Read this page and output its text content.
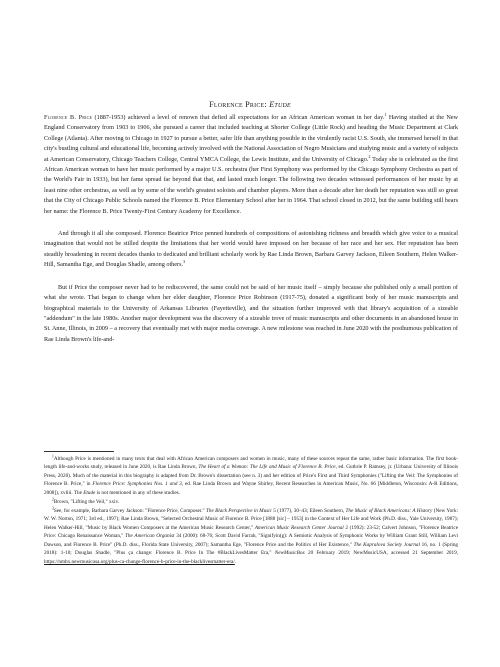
Florence Price: Etude

Florence B. Price (1887-1953) achieved a level of renown that defied all expectations for an African American woman in her day.$^1$ Having studied at the New England Conservatory from 1903 to 1906, she pursued a career that included teaching at Shorter College (Little Rock) and heading the Music Department at Clark College (Atlanta). After moving to Chicago in 1927 to pursue a better, safer life than anything possible in the virulently racist U.S. South, she immersed herself in that city's bustling cultural and educational life, becoming actively involved with the National Association of Negro Musicians and studying music and a variety of subjects at American Conservatory, Chicago Teachers College, Central YMCA College, the Lewis Institute, and the University of Chicago.$^2$ Today she is celebrated as the first African American woman to have her music performed by a major U.S. orchestra (her First Symphony was performed by the Chicago Symphony Orchestra as part of the World's Fair in 1933), but her fame spread far beyond that that, and lasted much longer. The following two decades witnessed performances of her music by at least nine other orchestras, as well as by some of the world's greatest soloists and chamber players. More than a decade after her death her reputation was still so great that the City of Chicago Public Schools named the Florence B. Price Elementary School after her in 1964. That school closed in 2012, but the same building still bears her name: the Florence B. Price Twenty-First Century Academy for Excellence.

And through it all she composed. Florence Beatrice Price penned hundreds of compositions of astonishing richness and breadth which give voice to a musical imagination that would not be stilled despite the limitations that her world would have imposed on her because of her race and her sex. Her reputation has been steadily broadening in recent decades thanks to dedicated and brilliant scholarly work by Rae Linda Brown, Barbara Garvey Jackson, Eileen Southern, Helen Walker-Hill, Samantha Ege, and Douglas Shadle, among others.$^3$

But if Price the composer never had to be rediscovered, the same could not be said of her music itself – simply because she published only a small portion of what she wrote. That began to change when her elder daughter, Florence Price Robinson (1917-75), donated a significant body of her music manuscripts and biographical materials to the University of Arkansas Libraries (Fayetteville), and the situation further improved with that library's acquisition of a sizeable "addendum" in the late 1980s. Another major development was the discovery of a sizeable trove of music manuscripts and other documents in an abandoned house in St. Anne, Illinois, in 2009 – a recovery that eventually met with major media coverage. A new milestone was reached in June 2020 with the posthumous publication of Rae Linda Brown's life-and-

$^1$Although Price is mentioned in many texts that deal with African American composers and women in music, many of these sources repeat the same, rather basic information. The first book-length life-and-works study, released in June 2020, is Rae Linda Brown, The Heart of a Woman: The Life and Music of Florence B. Price, ed. Guthrie P. Ramsey, jr. (Urbana: University of Illinois Press, 2020). Much of the material in this biography is adapted from Dr. Brown's dissertation (see n. 3) and her edition of Price's First and Third Symphonies ("Lifting the Veil: The Symphonies of Florence B. Price," in Florence Price: Symphonies Nos. 1 and 3, ed. Rae Linda Brown and Wayne Shirley, Recent Researches in American Music, No. 66 [Middleton, Wisconsin: A-R Editions, 2008]), xvliii. The Etude is not mentioned in any of these studies.

$^2$Brown, "Lifting the Veil," xxiv.

$^3$See, for example, Barbara Garvey Jackson: "Florence Price, Composer." The Black Perspective in Music 5 (1977), 30–43; Eileen Southern, The Music of Black Americans: A History (New York: W. W. Norton, 1971; 3rd ed., 1997); Rae Linda Brown, "Selected Orchestral Music of Florence B. Price [1888 [sic] – 1953] in the Context of Her Life and Work (Ph.D. diss., Yale University, 1987); Helen Walker-Hill, "Music by Black Women Composers at the American Music Research Center," American Music Research Center Journal 2 (1992): 23-52; Calvert Johnson, "Florence Beatrice Price: Chicago Renaissance Woman," The American Organist 34 (2000): 68-76; Scott David Farrah, "Signifyin(g): A Semiotic Analysis of Symphonic Works by William Grant Still, William Levi Dawson, and Florence B. Price" (Ph.D. diss., Florida State University, 2007); Samantha Ege, "Florence Price and the Politics of Her Existence," The Kapralova Society Journal 16, no. 1 (Spring 2018): 1-10; Douglas Shadle, "Plus ça change: Florence B. Price In The #BlackLivesMatter Era," NewMusicBox 20 February 2019; NewMusicUSA, accessed 21 September 2019, https://nmbx.newmusicusa.org/plus-ca-change-florence-b-price-in-the-blacklivesmatter-era/.
